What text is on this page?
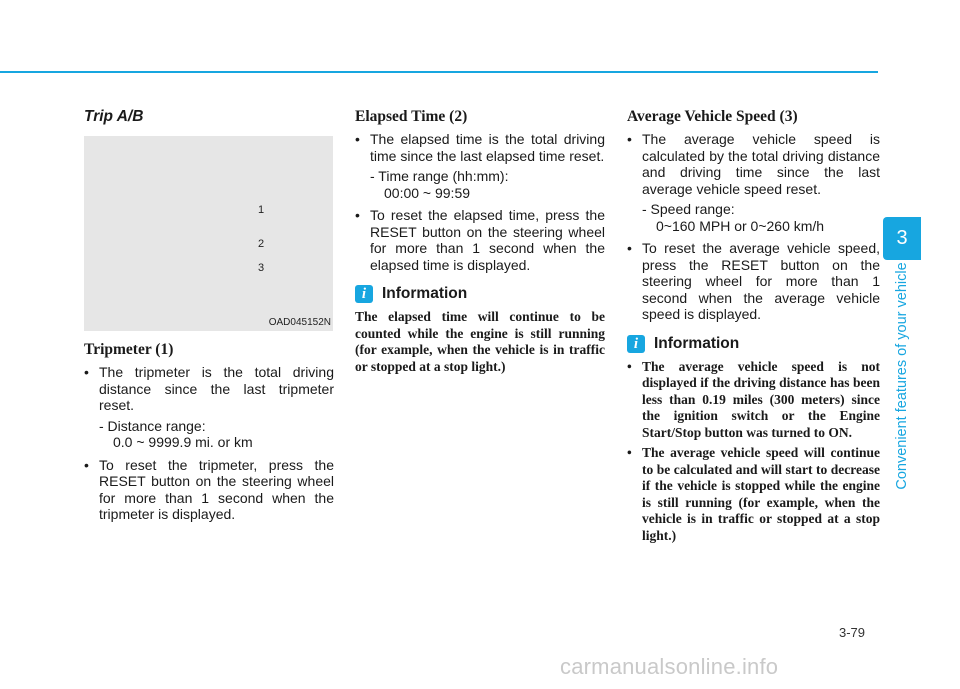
Trip A/B
1
2
3
OAD045152N
Tripmeter (1)
• The tripmeter is the total driving distance since the last tripmeter reset.
- Distance range:
0.0 ~ 9999.9 mi. or km
• To reset the tripmeter, press the RESET button on the steering wheel for more than 1 second when the tripmeter is displayed.
Elapsed Time (2)
• The elapsed time is the total driving time since the last elapsed time reset.
- Time range (hh:mm):
00:00 ~ 99:59
• To reset the elapsed time, press the RESET button on the steering wheel for more than 1 second when the elapsed time is displayed.
i	Information

The elapsed time will continue to be counted while the engine is still running (for example, when the vehicle is in traffic or stopped at a stop light.)

Average Vehicle Speed (3)
• The average vehicle speed is calculated by the total driving distance and driving time since the last average vehicle speed reset.
- Speed range:
0~160 MPH or 0~260 km/h
• To reset the average vehicle speed, press the RESET button on the steering wheel for more than 1 second when the average vehicle speed is displayed.
i	Information
• The average vehicle speed is not displayed if the driving distance has been less than 0.19 miles (300 meters) since the ignition switch or the Engine Start/Stop button was turned to ON.
• The average vehicle speed will continue to be calculated and will start to decrease if the vehicle is stopped while the engine is still running (for example, when the vehicle is in traffic or stopped at a stop light.)
3
Convenient features of your vehicle
3-79
carmanualsonline.info
